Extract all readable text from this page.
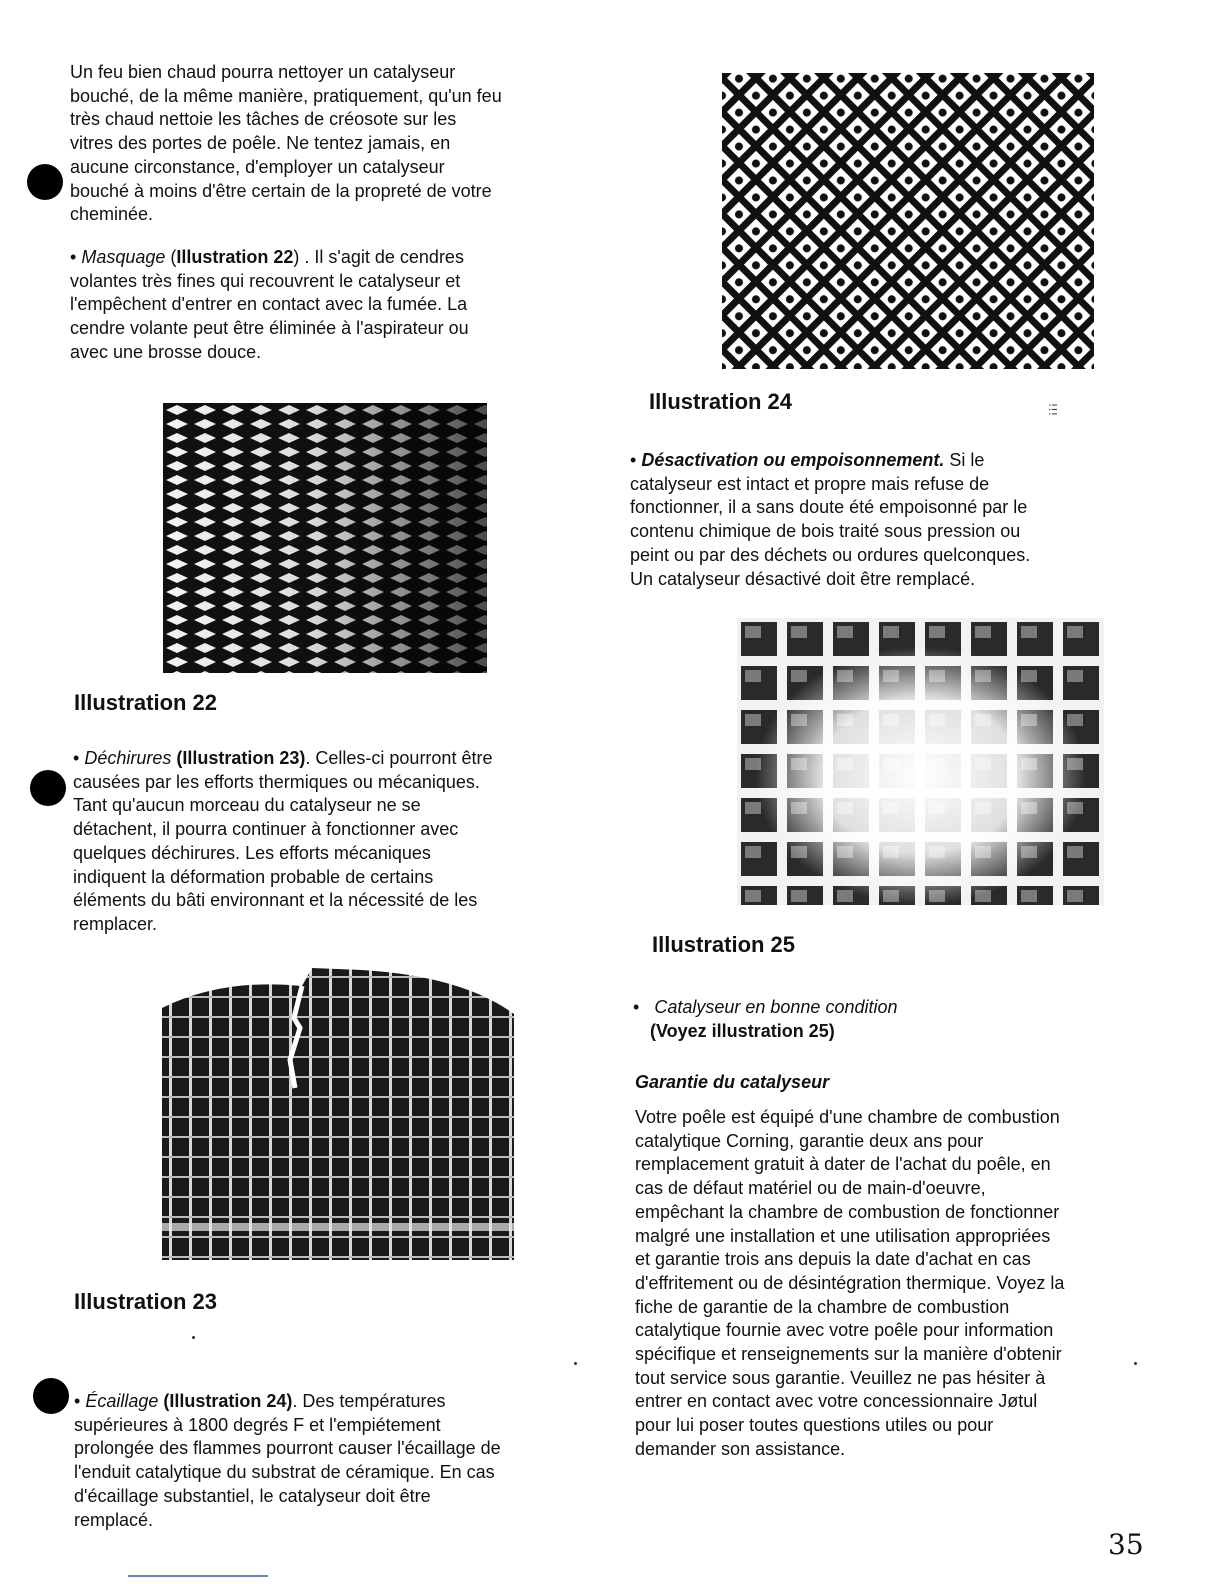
Un feu bien chaud pourra nettoyer un catalyseur

bouché, de la même manière, pratiquement, qu'un feu

très chaud nettoie les tâches de créosote sur les

vitres des portes de poêle. Ne tentez jamais, en

aucune circonstance, d'employer un catalyseur

bouché à moins d'être certain de la propreté de votre

cheminée.

• Masquage (Illustration 22) . Il s'agit de cendres

volantes très fines qui recouvrent le catalyseur et

l'empêchent d'entrer en contact avec la fumée. La

cendre volante peut être éliminée à l'aspirateur ou

avec une brosse douce.

Illustration 22

• Déchirures (Illustration 23). Celles-ci pourront être

causées par les efforts thermiques ou mécaniques.

Tant qu'aucun morceau du catalyseur ne se

détachent, il pourra continuer à fonctionner avec

quelques déchirures. Les efforts mécaniques

indiquent la déformation probable de certains

éléments du bâti environnant et la nécessité de les

remplacer.

Illustration 23

• Écaillage (Illustration 24). Des températures

supérieures à 1800 degrés F et l'empiétement

prolongée des flammes pourront causer l'écaillage de

l'enduit catalytique du substrat de céramique. En cas

d'écaillage substantiel, le catalyseur doit être

remplacé.

Illustration 24	!!!

• Désactivation ou empoisonnement. Si le

catalyseur est intact et propre mais refuse de

fonctionner, il a sans doute été empoisonné par le

contenu chimique de bois traité sous pression ou

peint ou par des déchets ou ordures quelconques.

Un catalyseur désactivé doit être remplacé.

Illustration 25

• Catalyseur en bonne condition

(Voyez illustration 25)

Garantie du catalyseur

Votre poêle est équipé d'une chambre de combustion

catalytique Corning, garantie deux ans pour

remplacement gratuit à dater de l'achat du poêle, en

cas de défaut matériel ou de main-d'oeuvre,

empêchant la chambre de combustion de fonctionner

malgré une installation et une utilisation appropriées

et garantie trois ans depuis la date d'achat en cas

d'effritement ou de désintégration thermique. Voyez la

fiche de garantie de la chambre de combustion

catalytique fournie avec votre poêle pour information

spécifique et renseignements sur la manière d'obtenir

tout service sous garantie. Veuillez ne pas hésiter à

entrer en contact avec votre concessionnaire Jøtul

pour lui poser toutes questions utiles ou pour

demander son assistance.

35
